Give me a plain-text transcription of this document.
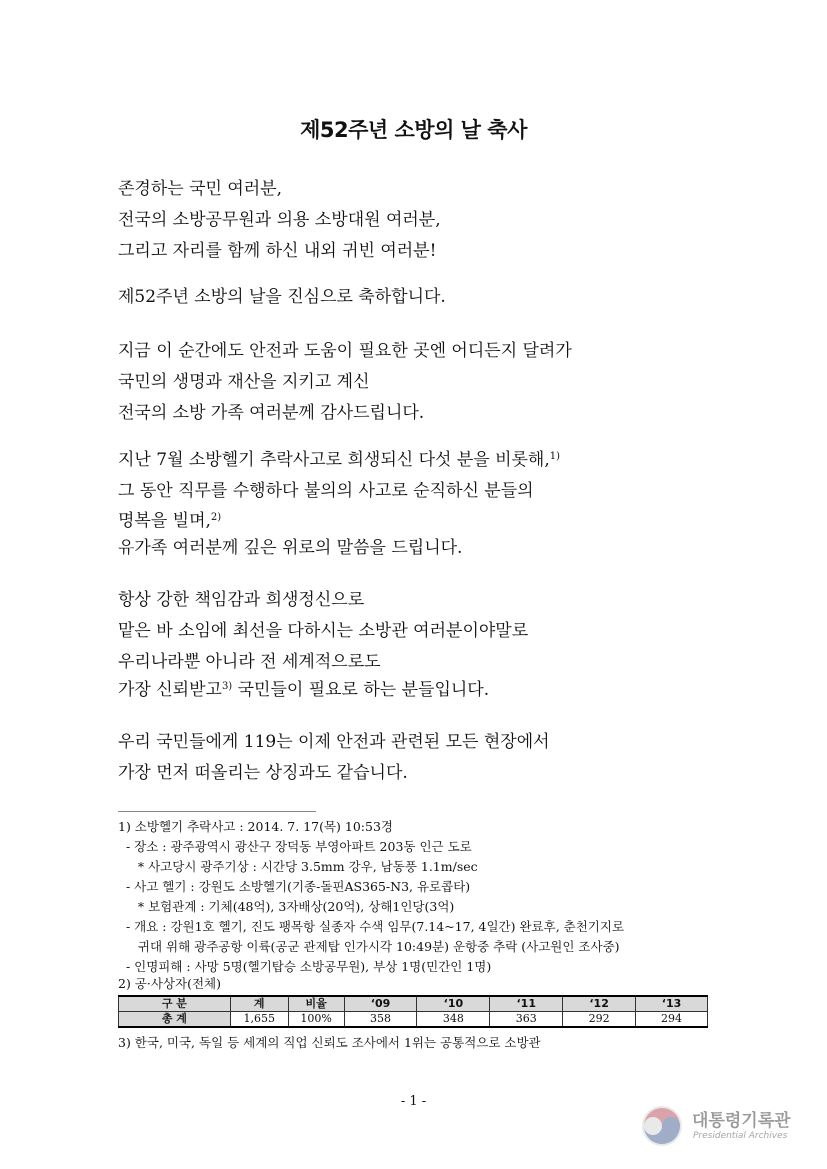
제52주년 소방의 날 축사
존경하는 국민 여러분,
전국의 소방공무원과 의용 소방대원 여러분,
그리고 자리를 함께 하신 내외 귀빈 여러분!
제52주년 소방의 날을 진심으로 축하합니다.
지금 이 순간에도 안전과 도움이 필요한 곳엔 어디든지 달려가
국민의 생명과 재산을 지키고 계신
전국의 소방 가족 여러분께 감사드립니다.
지난 7월 소방헬기 추락사고로 희생되신 다섯 분을 비롯해,$^{1)}$
그 동안 직무를 수행하다 불의의 사고로 순직하신 분들의
명복을 빌며,$^{2)}$
유가족 여러분께 깊은 위로의 말씀을 드립니다.
항상 강한 책임감과 희생정신으로
맡은 바 소임에 최선을 다하시는 소방관 여러분이야말로
우리나라뿐 아니라 전 세계적으로도
가장 신뢰받고$^{3)}$ 국민들이 필요로 하는 분들입니다.
우리 국민들에게 119는 이제 안전과 관련된 모든 현장에서
가장 먼저 떠올리는 상징과도 같습니다.
1) 소방헬기 추락사고 : 2014. 7. 17(목) 10:53경
- 장소 : 광주광역시 광산구 장덕동 부영아파트 203동 인근 도로
* 사고당시 광주기상 : 시간당 3.5mm 강우, 남동풍 1.1m/sec
- 사고 헬기 : 강원도 소방헬기(기종-돌핀AS365-N3, 유로콥타)
* 보험관계 : 기체(48억), 3자배상(20억), 상해1인당(3억)
- 개요 : 강원1호 헬기, 진도 팽목항 실종자 수색 임무(7.14~17, 4일간) 완료후, 춘천기지로
귀대 위해 광주공항 이륙(공군 관제탑 인가시각 10:49분) 운항중 추락 (사고원인 조사중)
- 인명피해 : 사망 5명(헬기탑승 소방공무원), 부상 1명(민간인 1명)
2) 공·사상자(전체)
구 분	계	비율	‘09	‘10	‘11	‘12	‘13
총 계	1,655	100%	358	348	363	292	294
3) 한국, 미국, 독일 등 세계의 직업 신뢰도 조사에서 1위는 공통적으로 소방관
- 1 -
대통령기록관
Presidential Archives
